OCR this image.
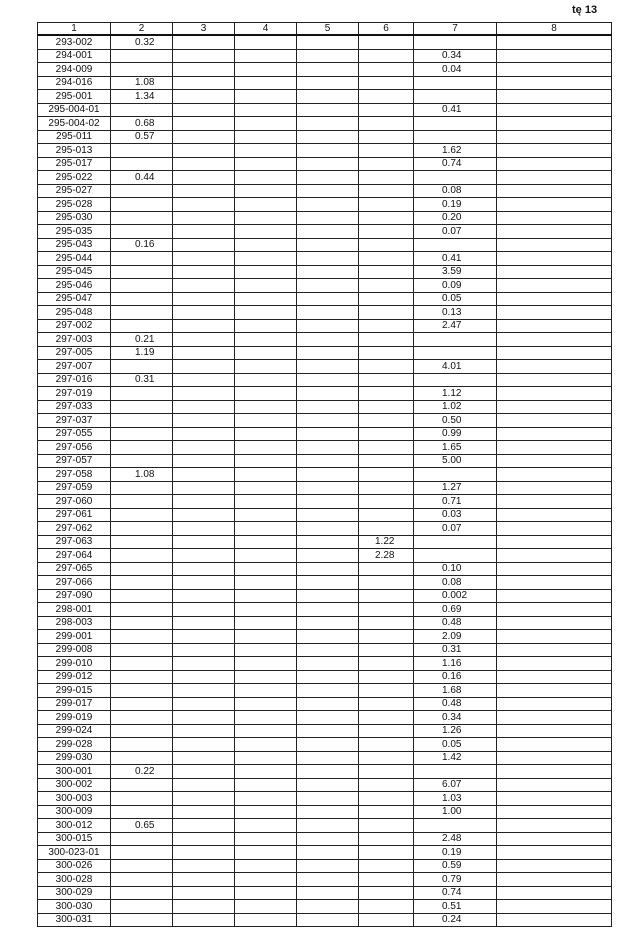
tę 13
1	2	3	4	5	6	7	8
293-002	0.32						
294-001						0.34	
294-009						0.04	
294-016	1.08						
295-001	1.34						
295-004-01						0.41	
295-004-02	0.68						
295-011	0.57						
295-013						1.62	
295-017						0.74	
295-022	0.44						
295-027						0.08	
295-028						0.19	
295-030						0.20	
295-035						0.07	
295-043	0.16						
295-044						0.41	
295-045						3.59	
295-046						0.09	
295-047						0.05	
295-048						0.13	
297-002						2.47	
297-003	0.21						
297-005	1.19						
297-007						4.01	
297-016	0.31						
297-019						1.12	
297-033						1.02	
297-037						0.50	
297-055						0.99	
297-056						1.65	
297-057						5.00	
297-058	1.08						
297-059						1.27	
297-060						0.71	
297-061						0.03	
297-062						0.07	
297-063					1.22		
297-064					2.28		
297-065						0.10	
297-066						0.08	
297-090						0.002	
298-001						0.69	
298-003						0.48	
299-001						2.09	
299-008						0.31	
299-010						1.16	
299-012						0.16	
299-015						1.68	
299-017						0.48	
299-019						0.34	
299-024						1.26	
299-028						0.05	
299-030						1.42	
300-001	0.22						
300-002						6.07	
300-003						1.03	
300-009						1.00	
300-012	0.65						
300-015						2.48	
300-023-01						0.19	
300-026						0.59	
300-028						0.79	
300-029						0.74	
300-030						0.51	
300-031						0.24	
